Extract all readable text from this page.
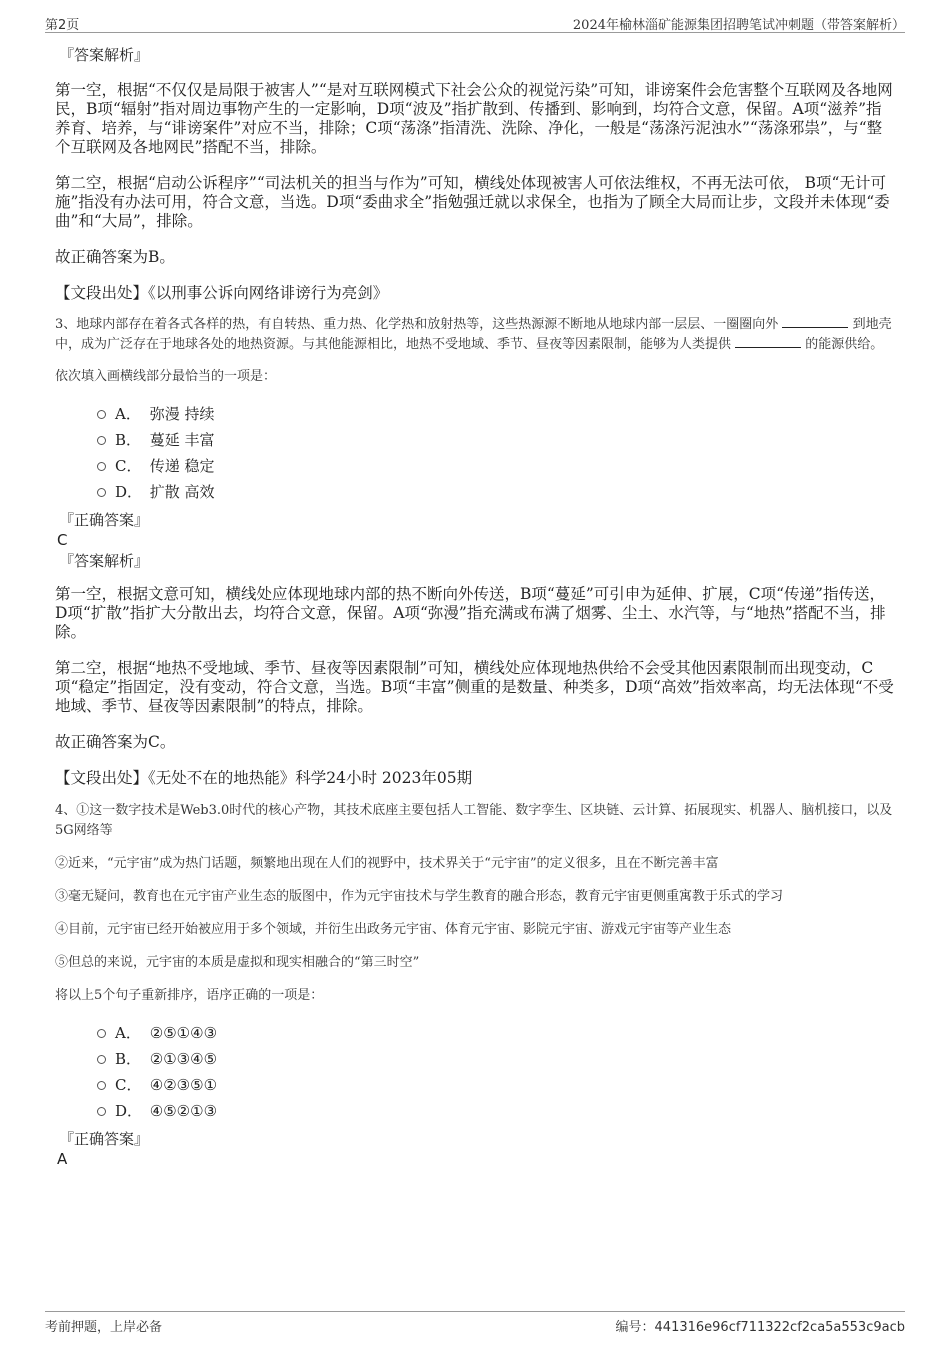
第2页	2024年榆林淄矿能源集团招聘笔试冲刺题（带答案解析）

『答案解析』

第一空，根据“不仅仅是局限于被害人”“是对互联网模式下社会公众的视觉污染”可知，诽谤案件会危害整个互联网及各地网民，B项“辐射”指对周边事物产生的一定影响，D项“波及”指扩散到、传播到、影响到，均符合文意，保留。A项“滋养”指养育、培养，与“诽谤案件”对应不当，排除；C项“荡涤”指清洗、洗除、净化，一般是“荡涤污泥浊水”“荡涤邪祟”，与“整个互联网及各地网民”搭配不当，排除。

第二空，根据“启动公诉程序”“司法机关的担当与作为”可知，横线处体现被害人可依法维权，不再无法可依， B项“无计可施”指没有办法可用，符合文意，当选。D项“委曲求全”指勉强迁就以求保全，也指为了顾全大局而让步，文段并未体现“委曲”和“大局”，排除。

故正确答案为B。

【文段出处】《以刑事公诉向网络诽谤行为亮剑》

3、地球内部存在着各式各样的热，有自转热、重力热、化学热和放射热等，这些热源源不断地从地球内部一层层、一圈圈向外	到地壳中，成为广泛存在于地球各处的地热资源。与其他能源相比，地热不受地域、季节、昼夜等因素限制，能够为人类提供	的能源供给。

依次填入画横线部分最恰当的一项是：

A． 弥漫 持续
B． 蔓延 丰富
C． 传递 稳定
D． 扩散 高效

『正确答案』

C

『答案解析』

第一空，根据文意可知，横线处应体现地球内部的热不断向外传送，B项“蔓延”可引申为延伸、扩展，C项“传递”指传送，D项“扩散”指扩大分散出去，均符合文意，保留。A项“弥漫”指充满或布满了烟雾、尘土、水汽等，与“地热”搭配不当，排除。

第二空，根据“地热不受地域、季节、昼夜等因素限制”可知，横线处应体现地热供给不会受其他因素限制而出现变动，C项“稳定”指固定，没有变动，符合文意，当选。B项“丰富”侧重的是数量、种类多，D项“高效”指效率高，均无法体现“不受地域、季节、昼夜等因素限制”的特点，排除。

故正确答案为C。

【文段出处】《无处不在的地热能》科学24小时 2023年05期

4、①这一数字技术是Web3.0时代的核心产物，其技术底座主要包括人工智能、数字孪生、区块链、云计算、拓展现实、机器人、脑机接口，以及5G网络等

②近来，“元宇宙”成为热门话题，频繁地出现在人们的视野中，技术界关于“元宇宙”的定义很多，且在不断完善丰富

③毫无疑问，教育也在元宇宙产业生态的版图中，作为元宇宙技术与学生教育的融合形态，教育元宇宙更侧重寓教于乐式的学习

④目前，元宇宙已经开始被应用于多个领域，并衍生出政务元宇宙、体育元宇宙、影院元宇宙、游戏元宇宙等产业生态

⑤但总的来说，元宇宙的本质是虚拟和现实相融合的“第三时空”

将以上5个句子重新排序，语序正确的一项是：

A． ②⑤①④③
B． ②①③④⑤
C． ④②③⑤①
D． ④⑤②①③

『正确答案』

A

考前押题，上岸必备	编号：441316e96cf711322cf2ca5a553c9acb
